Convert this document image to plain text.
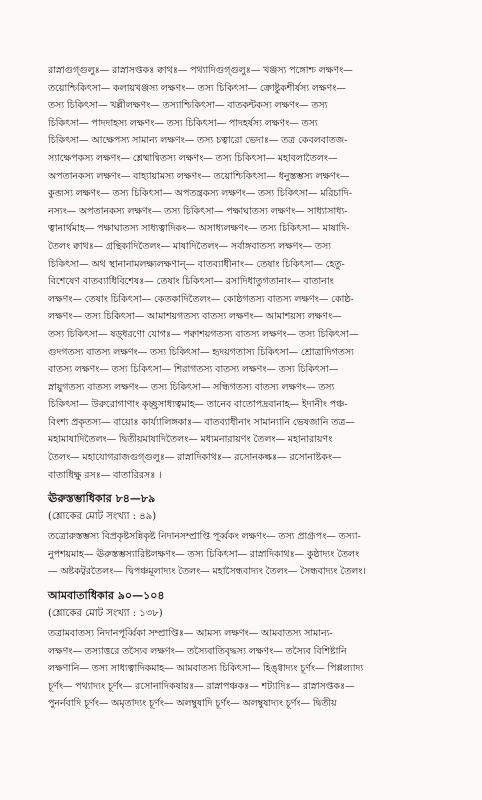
রাস্নাগুগ্‌গুলুঃ— রাস্নাসপ্তকঃ ক্বাথঃ— পথ্যাদিগুগ্‌গুলুঃ— খঞ্জস্য পঙ্গোশ্চ লক্ষণং—
তয়োশ্চিকিৎসা— কলায়খঞ্জস্য লক্ষণং— তস্য চিকিৎসা— ক্রোষ্টুকশীর্ষস্য লক্ষণং—
তস্য চিকিৎসা— খল্লীলক্ষণং— তস্যাশ্চিকিৎসা— বাতকন্টকস্য লক্ষণং— তস্য
চিকিৎসা— পাদদাহস্য লক্ষণং— তস্য চিকিৎসা— পাদহর্ষস্য লক্ষণং— তস্য
চিকিৎসা— আক্ষেপস্য সামান্য লক্ষণং— তস্য চত্বারো ভেদাঃ— তত্র কেবলবাতজ-
স্যাক্ষেপকস্য লক্ষণং— শ্লেষ্মান্বিতস্য লক্ষণং— তস্য চিকিৎসা— মহাবলাতৈলং—
অপতানকস্য লক্ষণং— বাহ্যায়ামস্য লক্ষণং— তয়োশ্চিকিৎসা— ধনুস্তম্ভস্য লক্ষণং—
কুব্জস্য লক্ষণং— তস্য চিকিৎসা— অপতন্ত্রকস্য লক্ষণং— তস্য চিকিৎসা— মরিচাদি-
নস্যং— অপতানকস্য লক্ষণং— তস্য চিকিৎসা— পক্ষাঘাতস্য লক্ষণং— সাধ্যাসাধ্য-
ত্বানার্থমাহ— পক্ষাঘাতস্য সাধ্যত্বাদিকং— অসাধ্যলক্ষণং— তস্য চিকিৎসা— মাষাদি-
তৈলং ক্বাথঃ— গ্রন্থিকাদিতৈলং— মাষাদিতৈলং— সর্বাঙ্গবাতস্য লক্ষণং— তস্য
চিকিৎসা— অথ স্থানানামলক্ষ্যলক্ষণান্— বাতব্যাধীনাং— তেষাং চিকিৎসা— হেতু-
বিশেষেণ বাতব্যাধিবিশেষঃ— তেষাং চিকিৎসা— রসাদিধাতুগতানাং— বাতানাং
লক্ষণং— তেষাং চিকিৎসা— কেতকাদিতৈলং— কোষ্ঠগতস্য বাতস্য লক্ষণং— কোষ্ঠ-
লক্ষণং— তস্য চিকিৎসা— আমাশয়গতস্য বাতস্য লক্ষণং— আমাশয়স্য লক্ষণং—
তস্য চিকিৎসা— ষড়্‌ধরণো যোগঃ— পক্বাশয়গতস্য বাতস্য লক্ষণং— তস্য চিকিৎসা—
গুদগতস্য বাতস্য লক্ষণং— তস্য চিকিৎসা— হৃদয়গতাস্য চিকিৎসা— শ্রোত্রাদিগতস্য
বাতস্য লক্ষণং— তস্য চিকিৎসা— শিরাগতস্য বাতস্য লক্ষণং— তস্য চিকিৎসা—
স্নায়ুগতস্য বাতস্য লক্ষণং— তস্য চিকিৎসা— সন্ধিগতস্য বাতস্য লক্ষণং— তস্য
চিকিৎসা— উরুরোগাণাং কৃচ্ছ্রসাধ্যত্বমাহ— তানেব বাতোপদ্রবানাহ— ইদানীং পঞ্চ-
বিংশ্য প্রকৃতস্য— বায়োঃ কার্য্যালিঙ্গকাঃ— বাতব্যাধীনাং সামান্যানি ভেষজানি তত্র—
মহামাষাদিতৈলং— দ্বিতীয়মাষাদিতৈলং— মধ্যমনারায়ণং তৈলং— মহানারায়ণং
তৈলং— মহাযোগরাজগুগ্‌গুলুঃ— রাস্নাদিকাথঃ— রসোনকল্কঃ— রসোনাষ্টকং—
বাতাধিক্ষু রসঃ— বাতারিরসঃ ।
ঊরুস্তম্ভাধিকার ৮৪—৮৯
(শ্লোকের মোট সংখ্যা : ৪৯)
তত্রোরুস্তম্ভস্য বিপ্রকৃষ্টসন্নিকৃষ্ট নিদানসম্প্রাপ্তি পূর্ব্বকং লক্ষণং— তস্য প্রাগ্রূপং— তস্যা-
নুপশয়মাহ— ঊরুস্তম্ভস্যারিষ্টলক্ষণং— তস্য চিকিৎসা— রাস্নাদিকাথঃ— কুষ্ঠাদ্যং তৈলং
— অষ্টকট্বরতৈলং— দ্বিপঞ্চমূলাদ্যং তৈলং— মহাসৈন্ধবাদ্যং তৈলং— সৈন্ধবাদ্যং তৈলং।
আমবাতাধিকার ৯০—১০৪
(শ্লোকের মোট সংখ্যা : ১৩৮)
তত্রামবাতস্য নিদানপূর্ব্বিকা সম্প্রাপ্তিঃ— আমস্য লক্ষণং— আমবাতস্য সামান্য-
লক্ষণং— তস্যাত্তরে তস্যৈব লক্ষণং— তস্যৈবাতিবৃদ্ধস্য লক্ষণং— তস্যৈব বিশিষ্টানি
লক্ষণানি— তস্য সাধ্যত্বাদিকমাহ— আমবাতস্য চিকিৎসা— হিঙ্গ্বাদ্যং চূর্ণং— পিপ্পল্যাদ্য
চূর্ণং— পথ্যাদ্যং চূর্ণং— রসোনাদিকষায়ঃ— রাস্নাপঞ্চকঃ— শট্যাদিঃ— রাস্নাসপ্তকঃ—
পুনর্নবাদি চূর্ণং— অমৃতাদ্যং চূর্ণং— অলম্বুষাদি চূর্ণং— অলম্বুষাদ্যং চূর্ণং— দ্বিতীয়
